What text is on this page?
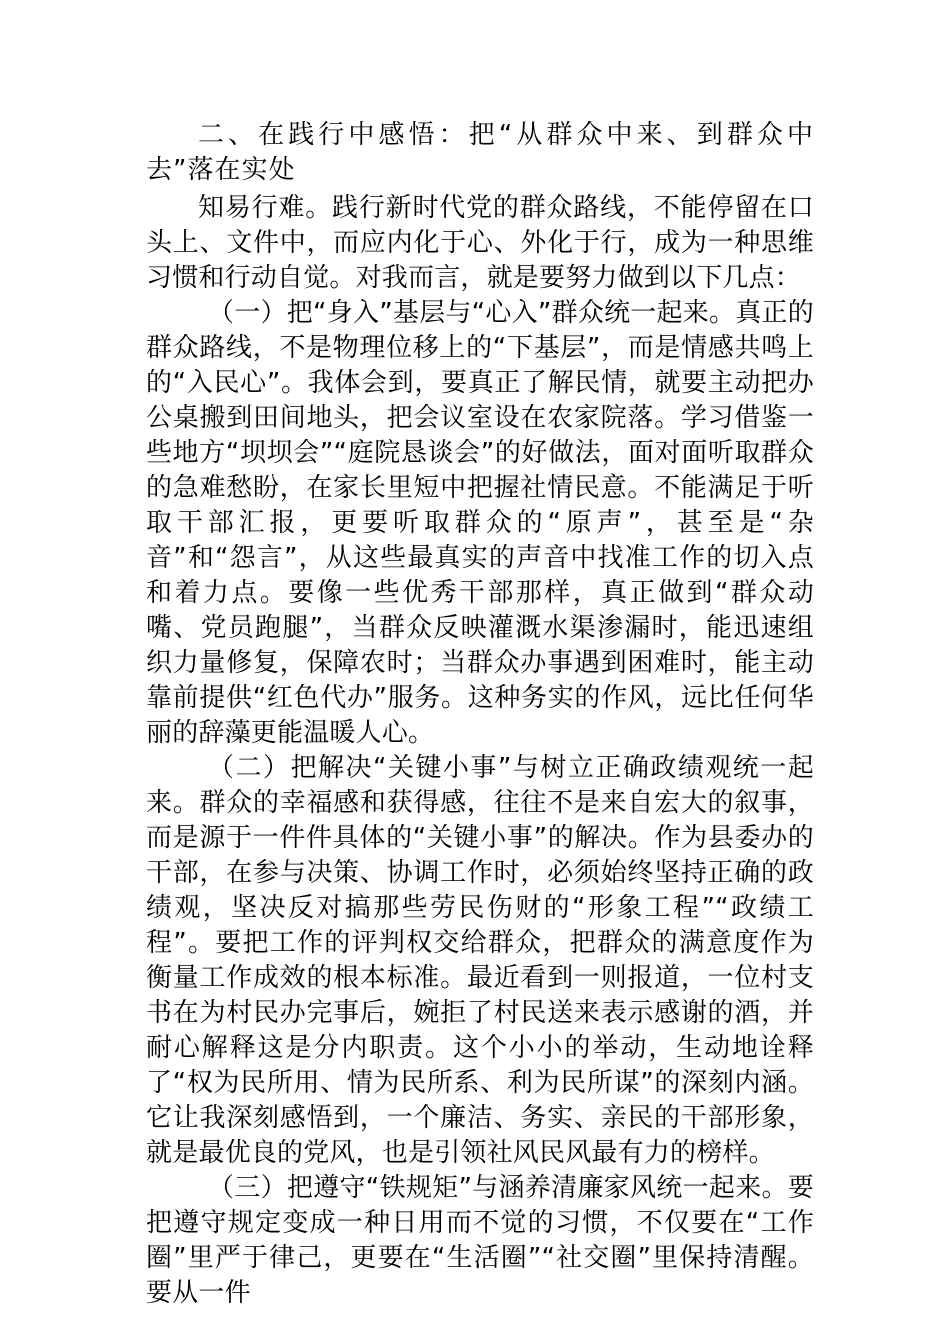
二、在践行中感悟：把“从群众中来、到群众中去”落在实处

知易行难。践行新时代党的群众路线，不能停留在口头上、文件中，而应内化于心、外化于行，成为一种思维习惯和行动自觉。对我而言，就是要努力做到以下几点：

（一）把“身入”基层与“心入”群众统一起来。真正的群众路线，不是物理位移上的“下基层”，而是情感共鸣上的“入民心”。我体会到，要真正了解民情，就要主动把办公桌搬到田间地头，把会议室设在农家院落。学习借鉴一些地方“坝坝会”“庭院恳谈会”的好做法，面对面听取群众的急难愁盼，在家长里短中把握社情民意。不能满足于听取干部汇报，更要听取群众的“原声”，甚至是“杂音”和“怨言”，从这些最真实的声音中找准工作的切入点和着力点。要像一些优秀干部那样，真正做到“群众动嘴、党员跑腿”，当群众反映灌溉水渠渗漏时，能迅速组织力量修复，保障农时；当群众办事遇到困难时，能主动靠前提供“红色代办”服务。这种务实的作风，远比任何华丽的辞藻更能温暖人心。

（二）把解决“关键小事”与树立正确政绩观统一起来。群众的幸福感和获得感，往往不是来自宏大的叙事，而是源于一件件具体的“关键小事”的解决。作为县委办的干部，在参与决策、协调工作时，必须始终坚持正确的政绩观，坚决反对搞那些劳民伤财的“形象工程”“政绩工程”。要把工作的评判权交给群众，把群众的满意度作为衡量工作成效的根本标准。最近看到一则报道，一位村支书在为村民办完事后，婉拒了村民送来表示感谢的酒，并耐心解释这是分内职责。这个小小的举动，生动地诠释了“权为民所用、情为民所系、利为民所谋”的深刻内涵。它让我深刻感悟到，一个廉洁、务实、亲民的干部形象，就是最优良的党风，也是引领社风民风最有力的榜样。

（三）把遵守“铁规矩”与涵养清廉家风统一起来。要把遵守规定变成一种日用而不觉的习惯，不仅要在“工作圈”里严于律己，更要在“生活圈”“社交圈”里保持清醒。要从一件
